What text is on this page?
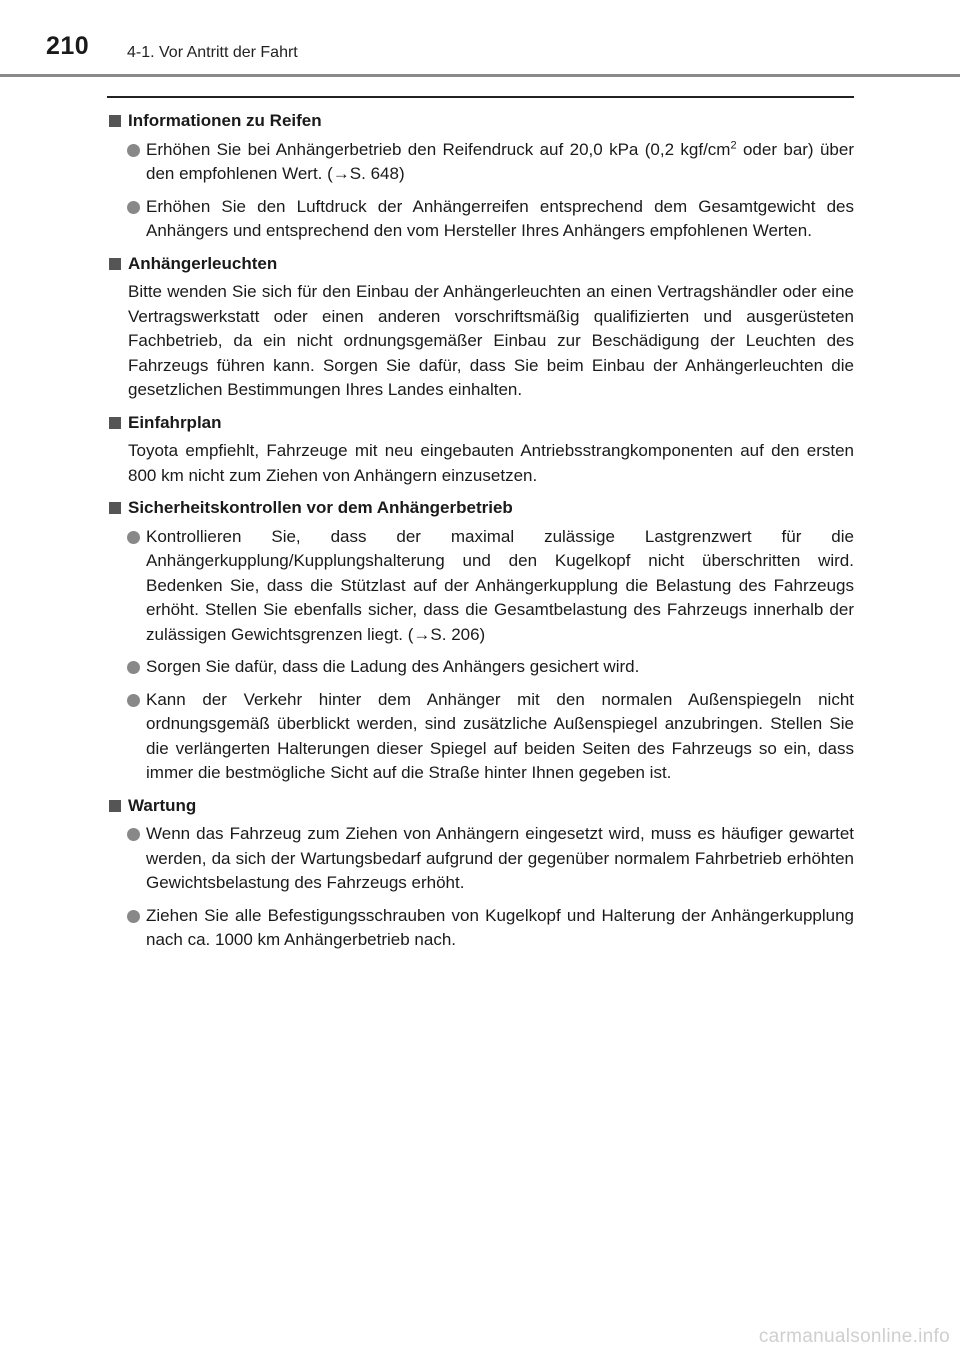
210 4-1. Vor Antritt der Fahrt
Informationen zu Reifen
Erhöhen Sie bei Anhängerbetrieb den Reifendruck auf 20,0 kPa (0,2 kgf/$cm^2$ oder bar) über den empfohlenen Wert. (→S. 648)
Erhöhen Sie den Luftdruck der Anhängerreifen entsprechend dem Gesamtgewicht des Anhängers und entsprechend den vom Hersteller Ihres Anhängers empfohlenen Werten.
Anhängerleuchten
Bitte wenden Sie sich für den Einbau der Anhängerleuchten an einen Vertragshändler oder eine Vertragswerkstatt oder einen anderen vorschriftsmäßig qualifizierten und ausgerüsteten Fachbetrieb, da ein nicht ordnungsgemäßer Einbau zur Beschädigung der Leuchten des Fahrzeugs führen kann. Sorgen Sie dafür, dass Sie beim Einbau der Anhängerleuchten die gesetzlichen Bestimmungen Ihres Landes einhalten.
Einfahrplan
Toyota empfiehlt, Fahrzeuge mit neu eingebauten Antriebsstrangkomponenten auf den ersten 800 km nicht zum Ziehen von Anhängern einzusetzen.
Sicherheitskontrollen vor dem Anhängerbetrieb
Kontrollieren Sie, dass der maximal zulässige Lastgrenzwert für die Anhängerkupplung/Kupplungshalterung und den Kugelkopf nicht überschritten wird. Bedenken Sie, dass die Stützlast auf der Anhängerkupplung die Belastung des Fahrzeugs erhöht. Stellen Sie ebenfalls sicher, dass die Gesamtbelastung des Fahrzeugs innerhalb der zulässigen Gewichtsgrenzen liegt. (→S. 206)
Sorgen Sie dafür, dass die Ladung des Anhängers gesichert wird.
Kann der Verkehr hinter dem Anhänger mit den normalen Außenspiegeln nicht ordnungsgemäß überblickt werden, sind zusätzliche Außenspiegel anzubringen. Stellen Sie die verlängerten Halterungen dieser Spiegel auf beiden Seiten des Fahrzeugs so ein, dass immer die bestmögliche Sicht auf die Straße hinter Ihnen gegeben ist.
Wartung
Wenn das Fahrzeug zum Ziehen von Anhängern eingesetzt wird, muss es häufiger gewartet werden, da sich der Wartungsbedarf aufgrund der gegenüber normalem Fahrbetrieb erhöhten Gewichtsbelastung des Fahrzeugs erhöht.
Ziehen Sie alle Befestigungsschrauben von Kugelkopf und Halterung der Anhängerkupplung nach ca. 1000 km Anhängerbetrieb nach.
carmanualsonline.info
